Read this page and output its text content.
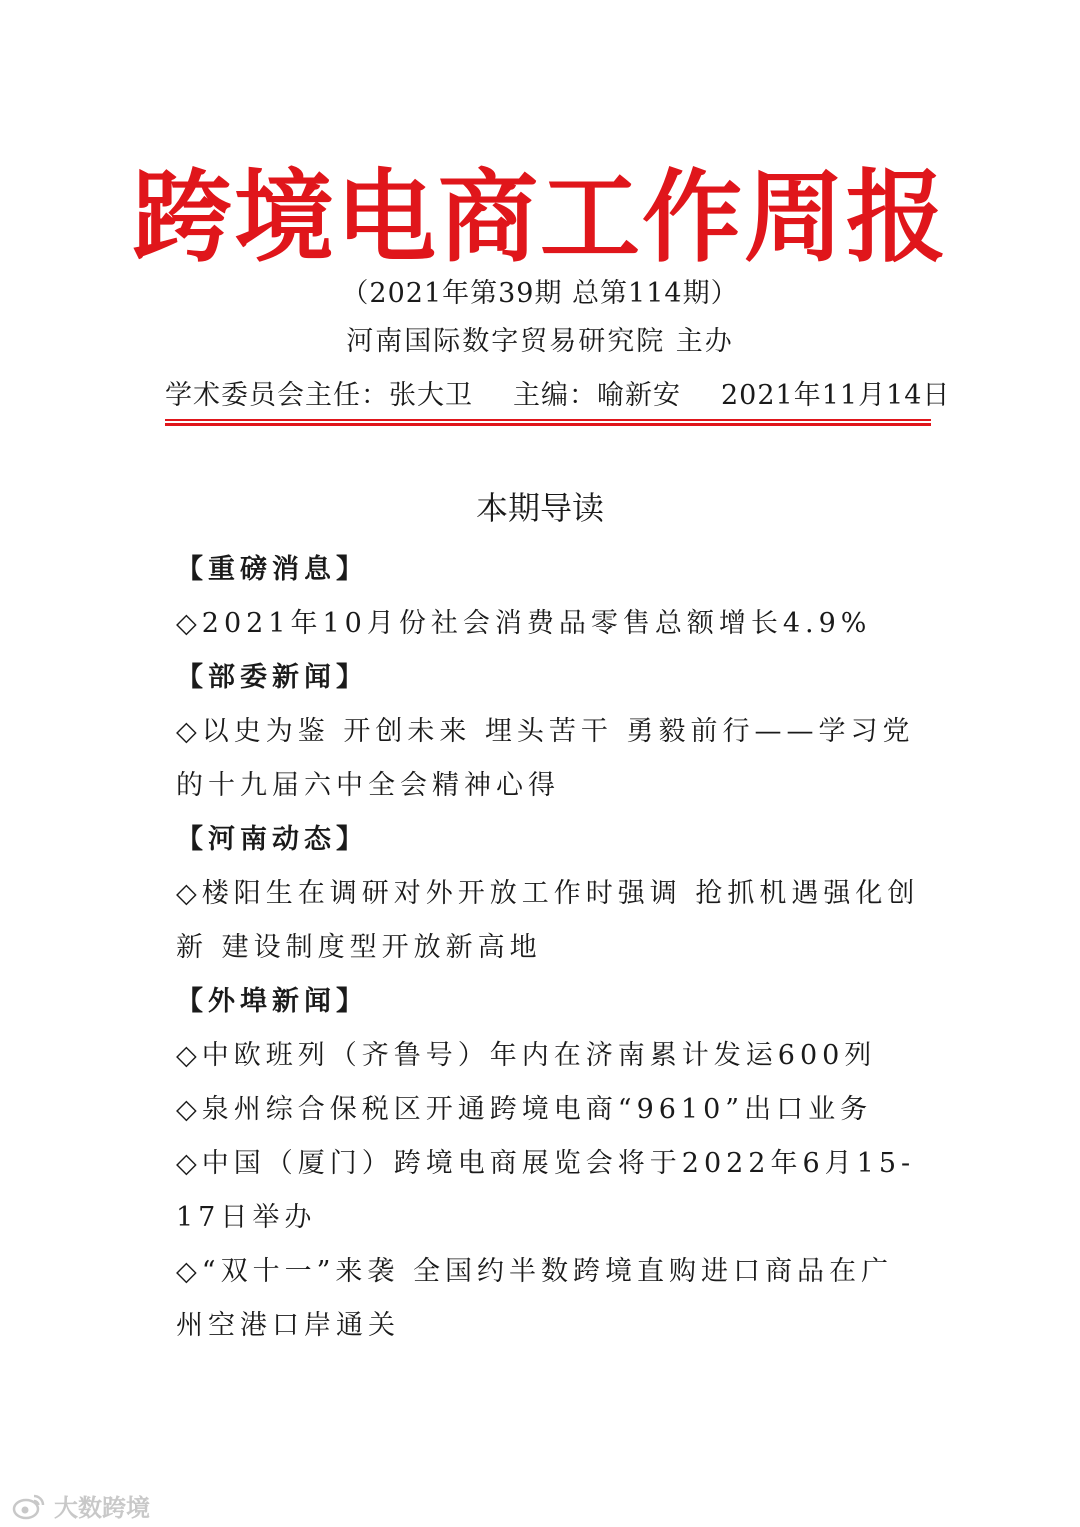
跨境电商工作周报
（2021年第39期 总第114期）
河南国际数字贸易研究院 主办
学术委员会主任：张大卫 主编：喻新安 2021年11月14日
本期导读
【重磅消息】
◇2021年10月份社会消费品零售总额增长4.9%
【部委新闻】
◇以史为鉴 开创未来 埋头苦干 勇毅前行——学习党的十九届六中全会精神心得
【河南动态】
◇楼阳生在调研对外开放工作时强调 抢抓机遇强化创新 建设制度型开放新高地
【外埠新闻】
◇中欧班列（齐鲁号）年内在济南累计发运600列
◇泉州综合保税区开通跨境电商“9610”出口业务
◇中国（厦门）跨境电商展览会将于2022年6月15-17日举办
◇“双十一”来袭 全国约半数跨境直购进口商品在广州空港口岸通关
大数跨境
